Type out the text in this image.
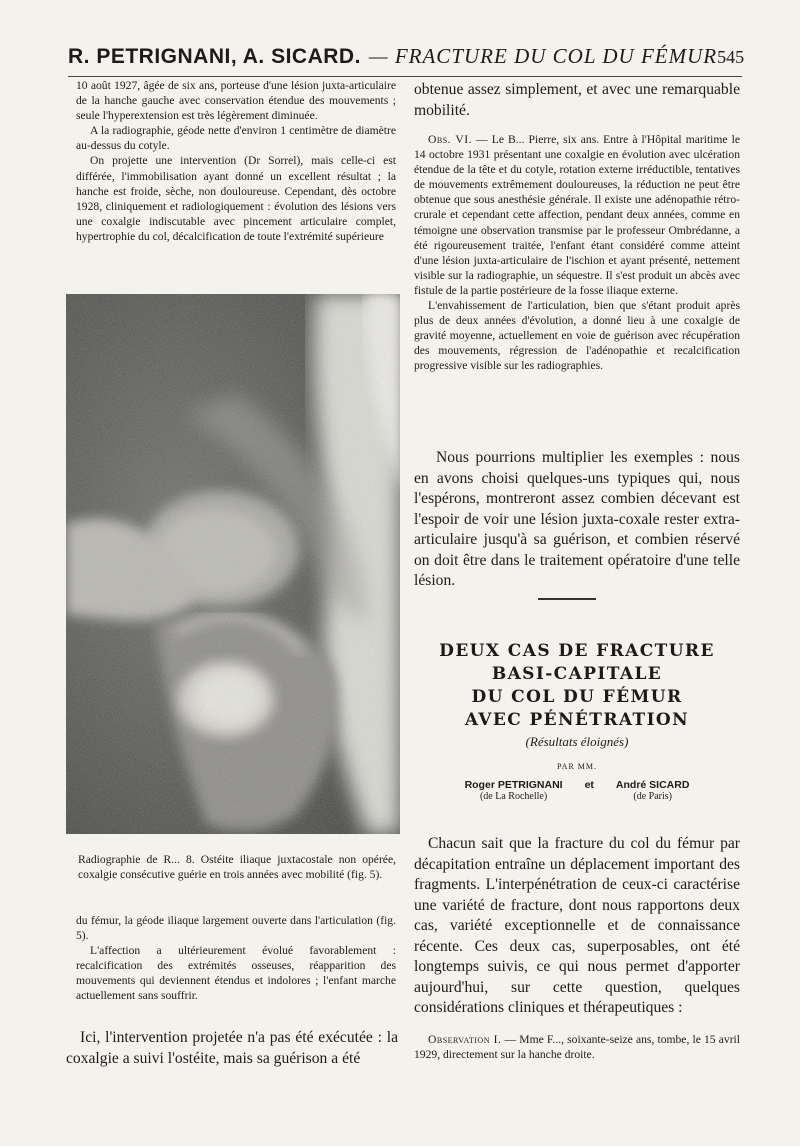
R. PETRIGNANI, A. SICARD. — FRACTURE DU COL DU FÉMUR 545

10 août 1927, âgée de six ans, porteuse d'une lésion juxta-articulaire de la hanche gauche avec conservation étendue des mouvements ; seule l'hyperextension est très légèrement diminuée.

A la radiographie, géode nette d'environ 1 centimètre de diamètre au-dessus du cotyle.

On projette une intervention (Dr Sorrel), mais celle-ci est différée, l'immobilisation ayant donné un excellent résultat ; la hanche est froide, sèche, non douloureuse. Cependant, dès octobre 1928, cliniquement et radiologiquement : évolution des lésions vers une coxalgie indiscutable avec pincement articulaire complet, hypertrophie du col, décalcification de toute l'extrémité supérieure

Radiographie de R... 8. Ostéite iliaque juxtacostale non opérée, coxalgie consécutive guérie en trois années avec mobilité (fig. 5).

du fémur, la géode iliaque largement ouverte dans l'articulation (fig. 5).

L'affection a ultérieurement évolué favorablement : recalcification des extrémités osseuses, réapparition des mouvements qui deviennent étendus et indolores ; l'enfant marche actuellement sans souffrir.

Ici, l'intervention projetée n'a pas été exécutée : la coxalgie a suivi l'ostéite, mais sa guérison a été

obtenue assez simplement, et avec une remarquable mobilité.

Obs. VI. — Le B... Pierre, six ans. Entre à l'Hôpital maritime le 14 octobre 1931 présentant une coxalgie en évolution avec ulcération étendue de la tête et du cotyle, rotation externe irréductible, tentatives de mouvements extrêmement douloureuses, la réduction ne peut être obtenue que sous anesthésie générale. Il existe une adénopathie rétro-crurale et cependant cette affection, pendant deux années, comme en témoigne une observation transmise par le professeur Ombrédanne, a été rigoureusement traitée, l'enfant étant considéré comme atteint d'une lésion juxta-articulaire de l'ischion et ayant présenté, nettement visible sur la radiographie, un séquestre. Il s'est produit un abcès avec fistule de la partie postérieure de la fosse iliaque externe.

L'envahissement de l'articulation, bien que s'étant produit après plus de deux années d'évolution, a donné lieu à une coxalgie de gravité moyenne, actuellement en voie de guérison avec récupération des mouvements, régression de l'adénopathie et recalcification progressive visible sur les radiographies.

Nous pourrions multiplier les exemples : nous en avons choisi quelques-uns typiques qui, nous l'espérons, montreront assez combien décevant est l'espoir de voir une lésion juxta-coxale rester extra-articulaire jusqu'à sa guérison, et combien réservé on doit être dans le traitement opératoire d'une telle lésion.

DEUX CAS DE FRACTURE
BASI-CAPITALE
DU COL DU FÉMUR
AVEC PÉNÉTRATION
(Résultats éloignés)
PAR MM.
Roger PETRIGNANI
(de La Rochelle)
et André SICARD
(de Paris)

Chacun sait que la fracture du col du fémur par décapitation entraîne un déplacement important des fragments. L'interpénétration de ceux-ci caractérise une variété de fracture, dont nous rapportons deux cas, variété exceptionnelle et de connaissance récente. Ces deux cas, superposables, ont été longtemps suivis, ce qui nous permet d'apporter aujourd'hui, sur cette question, quelques considérations cliniques et thérapeutiques :

Observation I. — Mme F..., soixante-seize ans, tombe, le 15 avril 1929, directement sur la hanche droite.
